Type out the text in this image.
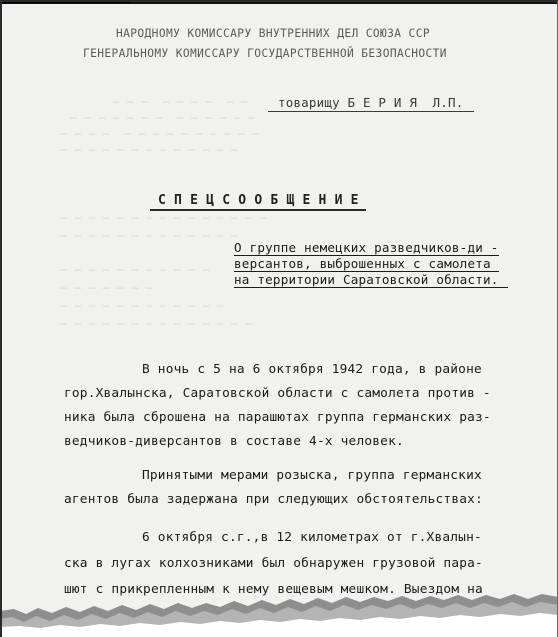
─ ─ ─  ─ ─ ─ ─  ─ ─
─ ─ ─ ─ ─ ─ ─  ─ ─ ─ ─ ─ ─
─ ─ ─ ─  ─ ─ ─ ─ ─ ─ ─ ─ ─ ─
─ ─ ─ ─ ─ ─ ─ ─ ─ ─ ─ ─ ─
─ ─ ─ ─ ─ ─ ─ ─ ─ ─ ─ ─ ─ ─ ─
─ ─ ─ ─ ─ ─ ─ ─ ─ ─ ─ ─ ─
─ ─ ─ ─ ─ ─ ─ ─ ─ ─ ─
─ ─ ─ ─ ─ ─ ─
─ ─ ─ ─ ─ ─ ─ ─ ─ ─ ─ ─
─ ─ ─ ─ ─ ─ ─ ─ ─ ─ ─ ─ ─ ─
НАРОДНОМУ КОМИССАРУ ВНУТРЕННИХ ДЕЛ СОЮЗА ССР
ГЕНЕРАЛЬНОМУ КОМИССАРУ ГОСУДАРСТВЕННОЙ БЕЗОПАСНОСТИ
товарищу Б Е Р И Я  Л.П.
С П Е Ц С О О Б Щ Е Н И Е
О группе немецких разведчиков-ди -
версантов, выброшенных с самолета
на территории Саратовской области.
В ночь с 5 на 6 октября 1942 года, в районе
гор.Хвалынска, Саратовской области с самолета против -
ника была сброшена на парашютах группа германских раз-
ведчиков-диверсантов в составе 4-х человек.
Принятыми мерами розыска, группа германских
агентов была задержана при следующих обстоятельствах:
6 октября с.г.,в 12 километрах от г.Хвалын-
ска в лугах колхозниками был обнаружен грузовой пара-
шют с прикрепленным к нему вещевым мешком. Выездом на
